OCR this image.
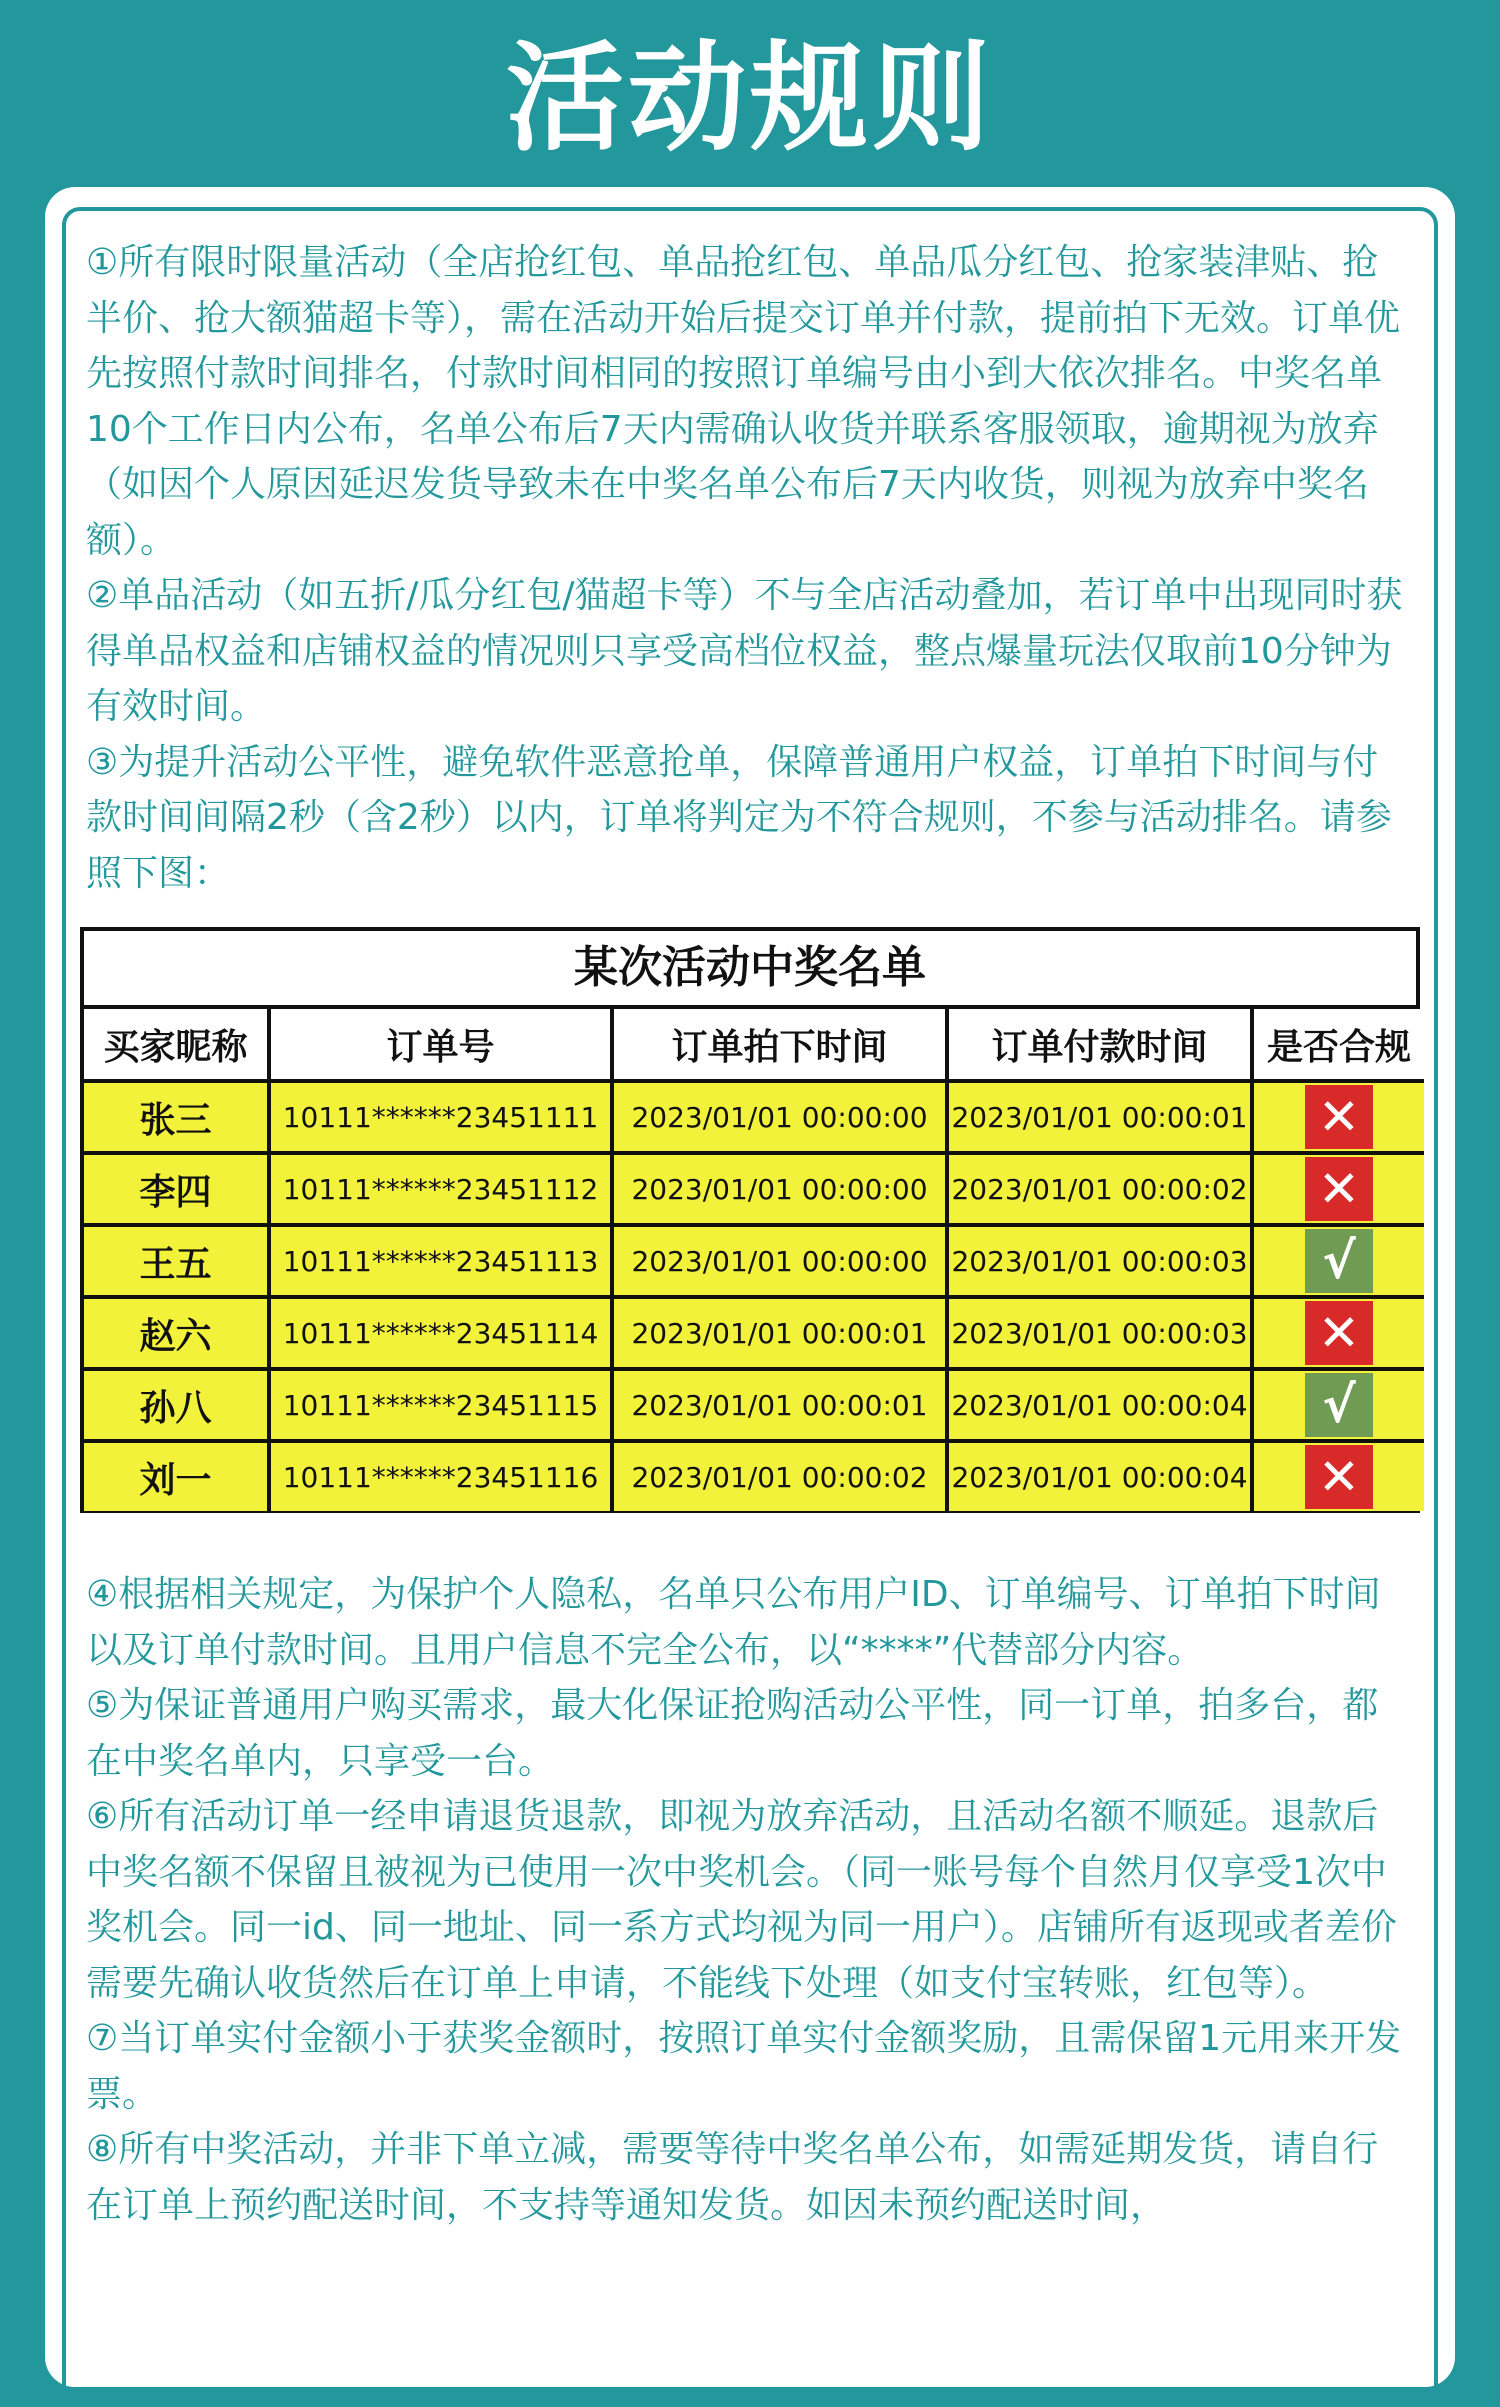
活动规则

①所有限时限量活动（全店抢红包、单品抢红包、单品瓜分红包、抢家装津贴、抢半价、抢大额猫超卡等），需在活动开始后提交订单并付款，提前拍下无效。订单优先按照付款时间排名，付款时间相同的按照订单编号由小到大依次排名。中奖名单10个工作日内公布，名单公布后7天内需确认收货并联系客服领取，逾期视为放弃（如因个人原因延迟发货导致未在中奖名单公布后7天内收货，则视为放弃中奖名额）。

②单品活动（如五折/瓜分红包/猫超卡等）不与全店活动叠加，若订单中出现同时获得单品权益和店铺权益的情况则只享受高档位权益，整点爆量玩法仅取前10分钟为有效时间。

③为提升活动公平性，避免软件恶意抢单，保障普通用户权益，订单拍下时间与付款时间间隔2秒（含2秒）以内，订单将判定为不符合规则，不参与活动排名。请参照下图：

某次活动中奖名单
买家昵称	订单号	订单拍下时间	订单付款时间	是否合规
张三	10111******23451111	2023/01/01 00:00:00	2023/01/01 00:00:01	✕
李四	10111******23451112	2023/01/01 00:00:00	2023/01/01 00:00:02	✕
王五	10111******23451113	2023/01/01 00:00:00	2023/01/01 00:00:03	√
赵六	10111******23451114	2023/01/01 00:00:01	2023/01/01 00:00:03	✕
孙八	10111******23451115	2023/01/01 00:00:01	2023/01/01 00:00:04	√
刘一	10111******23451116	2023/01/01 00:00:02	2023/01/01 00:00:04	✕

④根据相关规定，为保护个人隐私，名单只公布用户ID、订单编号、订单拍下时间以及订单付款时间。且用户信息不完全公布，以“****”代替部分内容。

⑤为保证普通用户购买需求，最大化保证抢购活动公平性，同一订单，拍多台，都在中奖名单内，只享受一台。

⑥所有活动订单一经申请退货退款，即视为放弃活动，且活动名额不顺延。退款后中奖名额不保留且被视为已使用一次中奖机会。（同一账号每个自然月仅享受1次中奖机会。同一id、同一地址、同一系方式均视为同一用户）。店铺所有返现或者差价需要先确认收货然后在订单上申请，不能线下处理（如支付宝转账，红包等）。

⑦当订单实付金额小于获奖金额时，按照订单实付金额奖励，且需保留1元用来开发票。

⑧所有中奖活动，并非下单立减，需要等待中奖名单公布，如需延期发货，请自行在订单上预约配送时间，不支持等通知发货。如因未预约配送时间，
